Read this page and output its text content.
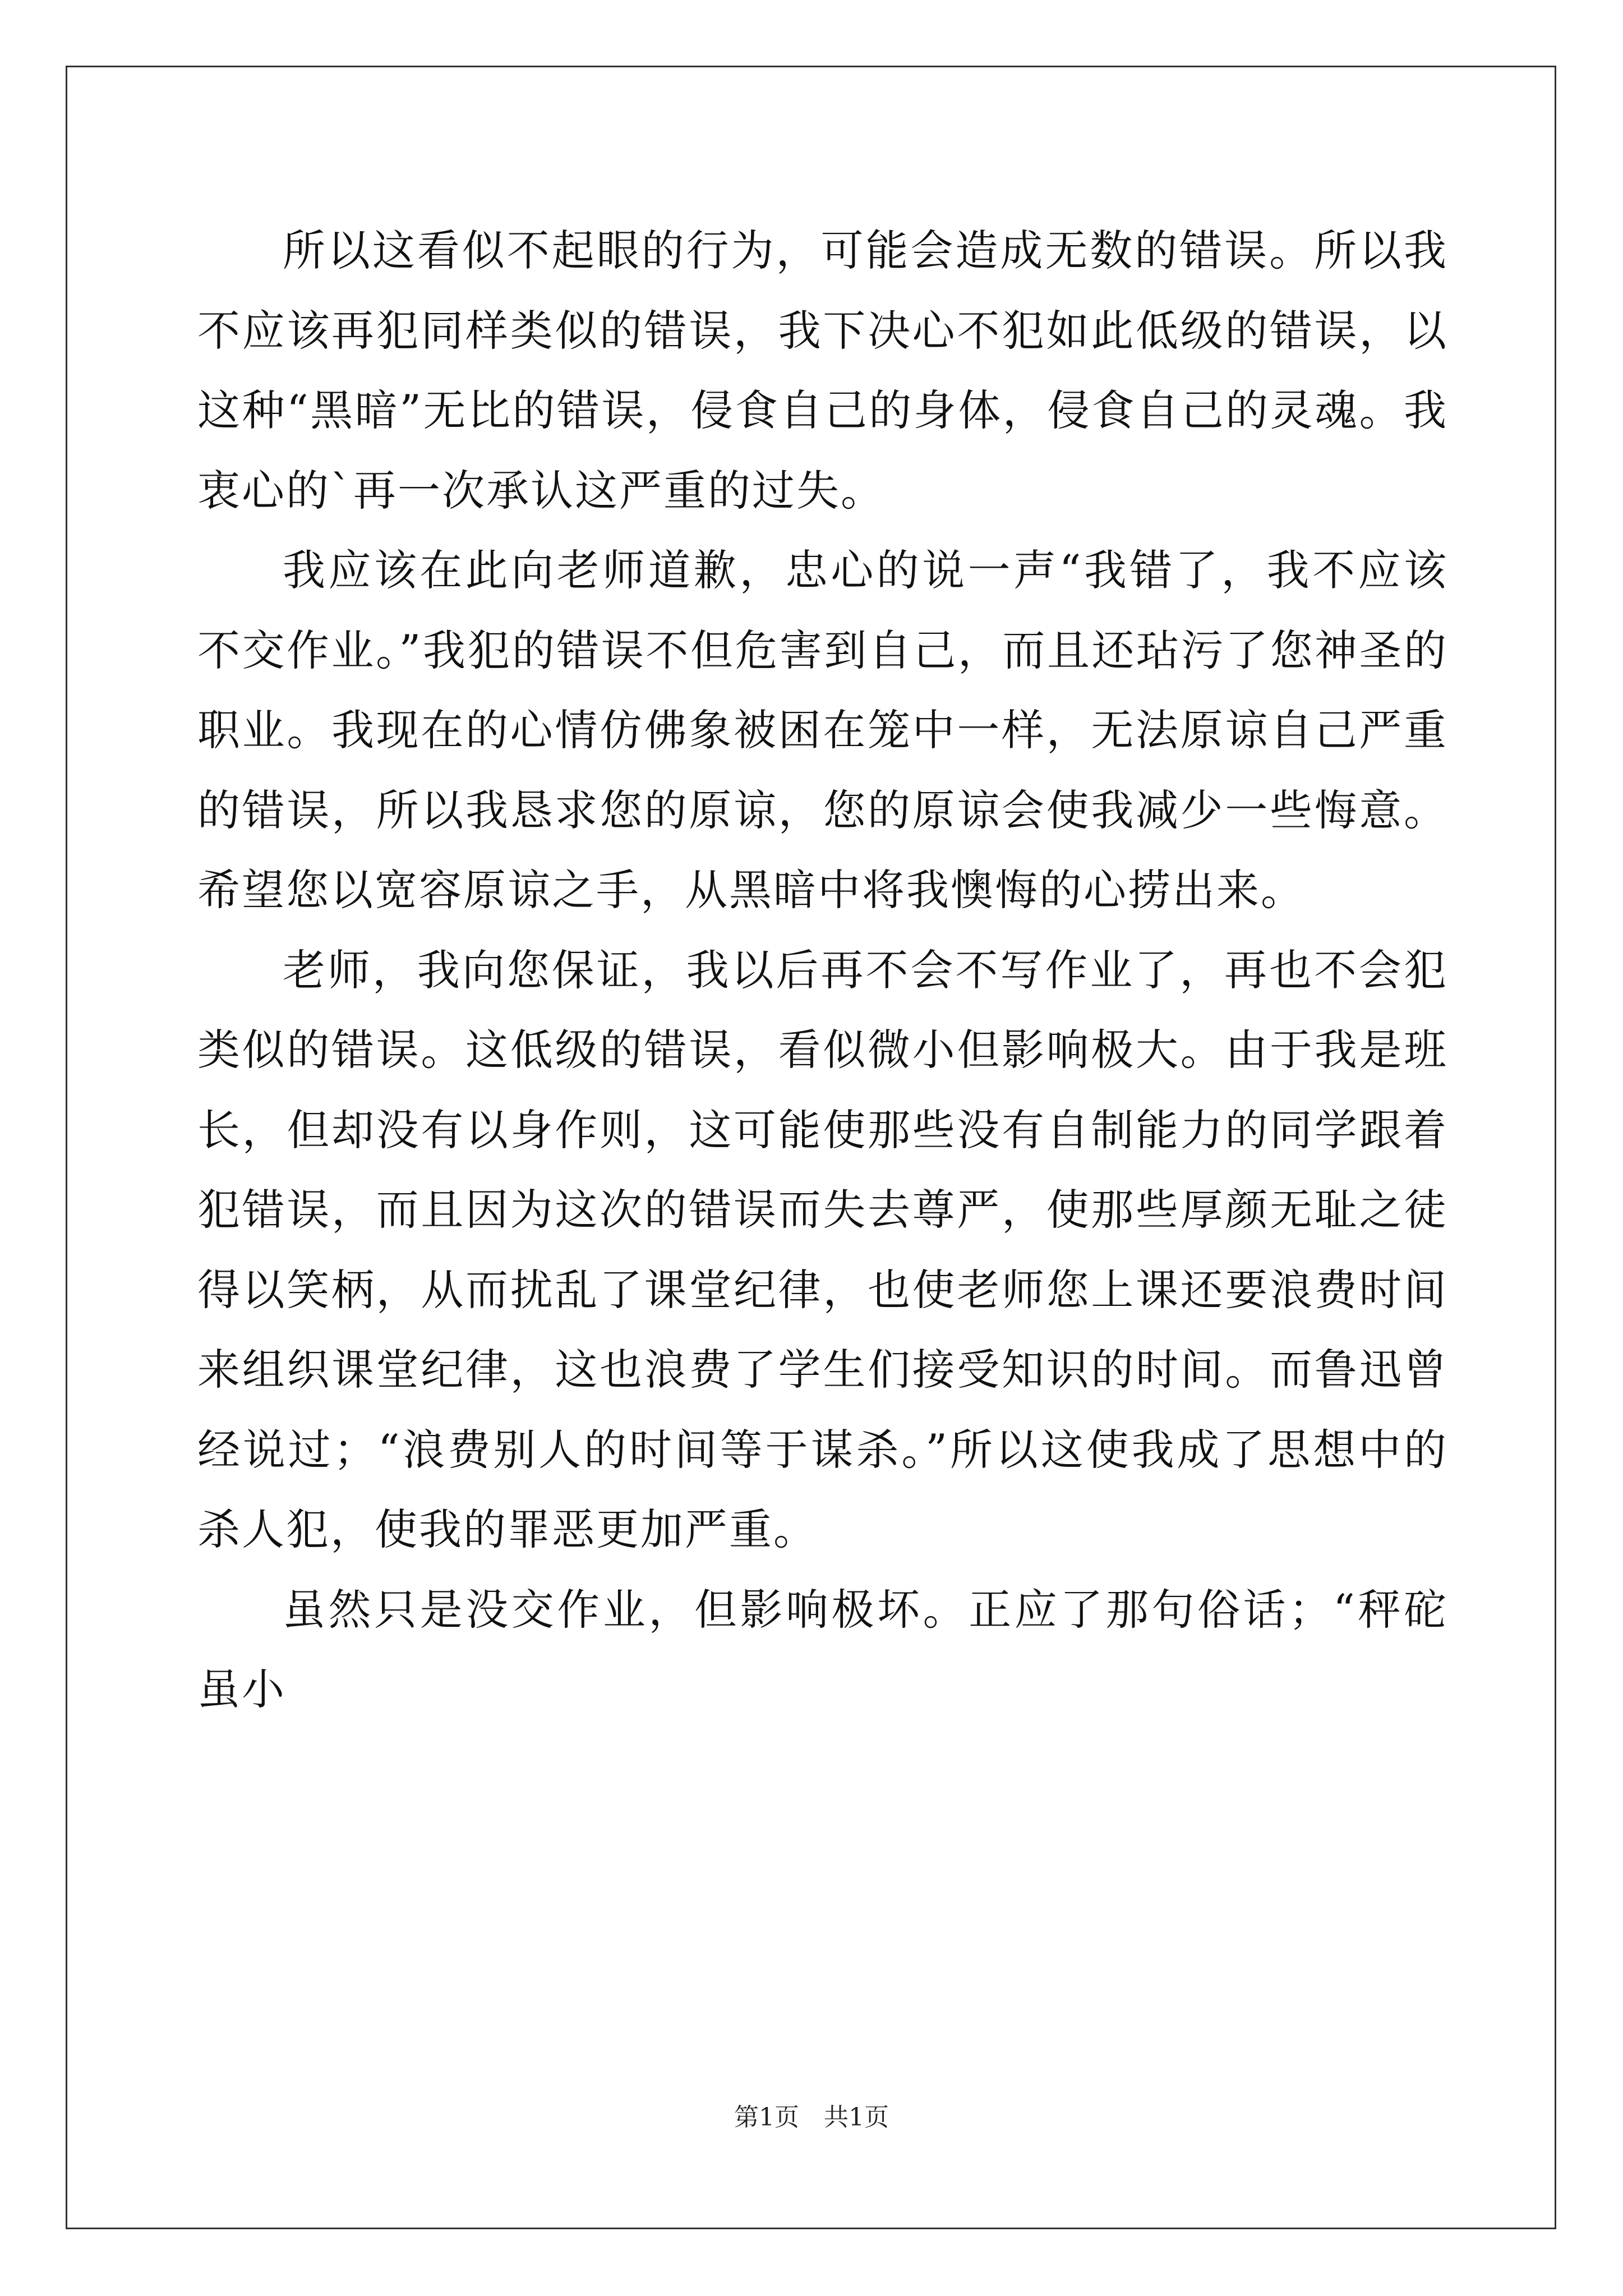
所以这看似不起眼的行为，可能会造成无数的错误。所以我不应该再犯同样类似的错误，我下决心不犯如此低级的错误，以这种“黑暗”无比的错误，侵食自己的身体，侵食自己的灵魂。我衷心的`再一次承认这严重的过失。

我应该在此向老师道歉，忠心的说一声“我错了，我不应该不交作业。”我犯的错误不但危害到自己，而且还玷污了您神圣的职业。我现在的心情仿佛象被困在笼中一样，无法原谅自己严重的错误，所以我恳求您的原谅，您的原谅会使我减少一些悔意。希望您以宽容原谅之手，从黑暗中将我懊悔的心捞出来。

老师，我向您保证，我以后再不会不写作业了，再也不会犯类似的错误。这低级的错误，看似微小但影响极大。由于我是班长，但却没有以身作则，这可能使那些没有自制能力的同学跟着犯错误，而且因为这次的错误而失去尊严，使那些厚颜无耻之徒得以笑柄，从而扰乱了课堂纪律，也使老师您上课还要浪费时间来组织课堂纪律，这也浪费了学生们接受知识的时间。而鲁迅曾经说过；“浪费别人的时间等于谋杀。”所以这使我成了思想中的杀人犯，使我的罪恶更加严重。

虽然只是没交作业，但影响极坏。正应了那句俗话；“秤砣虽小

第1页　共1页
